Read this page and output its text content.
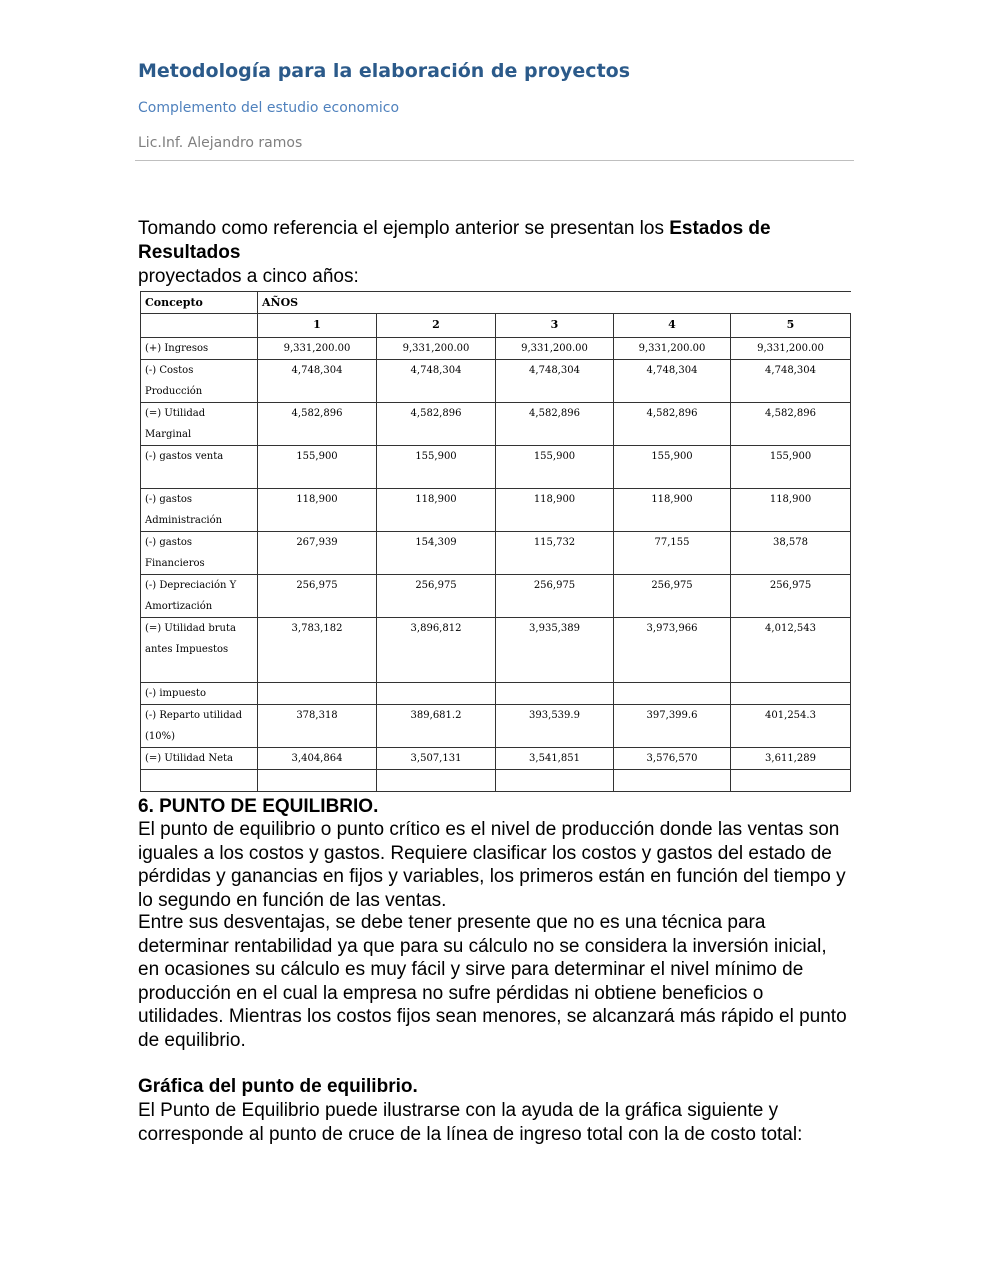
Metodología para la elaboración de proyectos
Complemento del estudio economico
Lic.Inf. Alejandro ramos
Tomando como referencia el ejemplo anterior se presentan los Estados de Resultados
proyectados a cinco años:
Concepto	AÑOS				
	1	2	3	4	5
(+) Ingresos	9,331,200.00	9,331,200.00	9,331,200.00	9,331,200.00	9,331,200.00
(-) Costos Producción	4,748,304	4,748,304	4,748,304	4,748,304	4,748,304
(=) Utilidad Marginal	4,582,896	4,582,896	4,582,896	4,582,896	4,582,896
(-) gastos venta	155,900	155,900	155,900	155,900	155,900
(-) gastos Administración	118,900	118,900	118,900	118,900	118,900
(-) gastos Financieros	267,939	154,309	115,732	77,155	38,578
(-) Depreciación Y Amortización	256,975	256,975	256,975	256,975	256,975
(=) Utilidad bruta antes Impuestos	3,783,182	3,896,812	3,935,389	3,973,966	4,012,543
(-) impuesto					
(-) Reparto utilidad (10%)	378,318	389,681.2	393,539.9	397,399.6	401,254.3
(=) Utilidad Neta	3,404,864	3,507,131	3,541,851	3,576,570	3,611,289

6. PUNTO DE EQUILIBRIO.
El punto de equilibrio o punto crítico es el nivel de producción donde las ventas son iguales a los costos y gastos. Requiere clasificar los costos y gastos del estado de pérdidas y ganancias en fijos y variables, los primeros están en función del tiempo y lo segundo en función de las ventas.
Entre sus desventajas, se debe tener presente que no es una técnica para determinar rentabilidad ya que para su cálculo no se considera la inversión inicial, en ocasiones su cálculo es muy fácil y sirve para determinar el nivel mínimo de producción en el cual la empresa no sufre pérdidas ni obtiene beneficios o utilidades. Mientras los costos fijos sean menores, se alcanzará más rápido el punto de equilibrio.
Gráfica del punto de equilibrio.
El Punto de Equilibrio puede ilustrarse con la ayuda de la gráfica siguiente y corresponde al punto de cruce de la línea de ingreso total con la de costo total:
